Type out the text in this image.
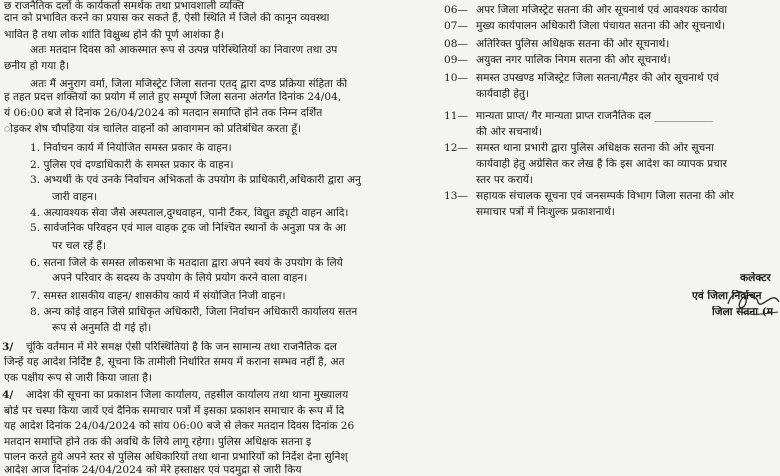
छ राजनैतिक दलों के कार्यकर्ता समर्थक तथा प्रभावशाली व्यक्ति
दान को प्रभावित करने का प्रयास कर सकते हैं, ऐसी स्थिति में जिले की कानून व्यवस्था
भावित है तथा लोक शांति विक्षुब्ध होने की पूर्ण आशंका है।
अतः मतदान दिवस को आकस्मात रूप से उत्पन्न परिस्थितियों का निवारण तथा उप
छनीय हो गया है।
अतः मैं अनुराग वर्मा, जिला मजिस्ट्रेट जिला सतना एतद् द्वारा दण्ड प्रक्रिया संहिता की
ह तहत प्रदत्त शक्तियों का प्रयोग में लाते हुए सम्पूर्ण जिला सतना अंतर्गत दिनांक 24/04,
यं 06:00 बजे से दिनांक 26/04/2024 को मतदान समाप्ति होने तक निम्न दर्शित
ोड़कर शेष चौपहिया यंत्र चालित वाहनों को आवागमन को प्रतिबंधित करता हूँ।
1. निर्वाचन कार्य में नियोजित समस्त प्रकार के वाहन।
2. पुलिस एवं दण्डाधिकारी के समस्त प्रकार के वाहन।
3. अभ्यर्थी के एवं उनके निर्वाचन अभिकर्ता के उपयोग के प्राधिकारी,अधिकारी द्वारा अनु
जारी वाहन।
4. अत्यावश्यक सेवा जैसे अस्पताल,दुग्धवाहन, पानी टैंकर, विद्युत ड्यूटी वाहन आदि।
5. सार्वजनिक परिवहन एवं माल वाहक ट्रक जो निश्चित स्थानों के अनुज्ञा पत्र के आ
पर चल रहें हैं।
6. सतना जिले के समस्त लोकसभा के मतदाता द्वारा अपने स्वयं के उपयोग के लिये
अपने परिवार के सदस्य के उपयोग के लिये प्रयोग करने वाला वाहन।
7. समस्त शासकीय वाहन/ शासकीय कार्य में संयोजित निजी वाहन।
8. अन्य कोई वाहन जिसे प्राधिकृत अधिकारी, जिला निर्वाचन अधिकारी कार्यालय सतन
रूप से अनुमति दी गई हो।
चूंकि वर्तमान में मेरे समक्ष ऐसी परिस्थितियां है कि जन सामान्य तथा राजनैतिक दल
जिन्हें यह आदेश निर्दिष्ट है, सूचना कि तामीली निर्धारित समय में कराना सम्भव नहीं है, अत
एक पक्षीय रूप से जारी किया जाता है।
आदेश की सूचना का प्रकाशन जिला कार्यालय, तहसील कार्यालय तथा थाना मुख्यालय
बोर्ड पर चस्पा किया जायें एवं दैनिक समाचार पत्रों में इसका प्रकाशन समाचार के रूप में दि
यह आदेश दिनांक 24/04/2024 को सांय 06:00 बजे से लेकर मतदान दिवस दिनांक 26
मतदान समाप्ति होने तक की अवधि के लिये लागू रहेगा। पुलिस अधिक्षक सतना इ
पालन करते हुये अपने स्तर से पुलिस अधिकारियों तथा थाना प्रभारियों को निर्देश देना सुनिश्
आदेश आज दिनांक 24/04/2024 को मेरे हस्ताक्षर एवं पदमुद्रा से जारी किय
3/
4/
06— अपर जिला मजिस्ट्रेट सतना की ओर सूचनार्थ एवं आवश्यक कार्यवा
07— मुख्य कार्यपालन अधिकारी जिला पंचायत सतना की ओर सूचनार्थ।
08— अतिरिक्त पुलिस अधिक्षक सतना की ओर सूचनार्थ।
09— अयुक्त नगर पालिक निगम सतना की ओर सूचनार्थ।
10— समस्त उपखण्ड मजिस्ट्रेट जिला सतना/मैहर की ओर सूचनार्थ एवं
कार्यवाही हेतु।
11— मान्यता प्राप्त/ गैर मान्यता प्राप्त राजनैतिक दल ___________
की ओर सचनार्थ।
12— समस्त थाना प्रभारी द्वारा पुलिस अधिक्षक सतना की ओर सूचना
कार्यवाही हेतु अग्रेसित कर लेख है कि इस आदेश का व्यापक प्रचार
स्तर पर करायें।
13— सहायक संचालक सूचना एवं जनसम्पर्क विभाग जिला सतना की ओर
समाचार पत्रों में निःशुल्क प्रकाशनार्थ।
कलेक्टर
एवं जिला निर्वाचन
जिला सतना (म
